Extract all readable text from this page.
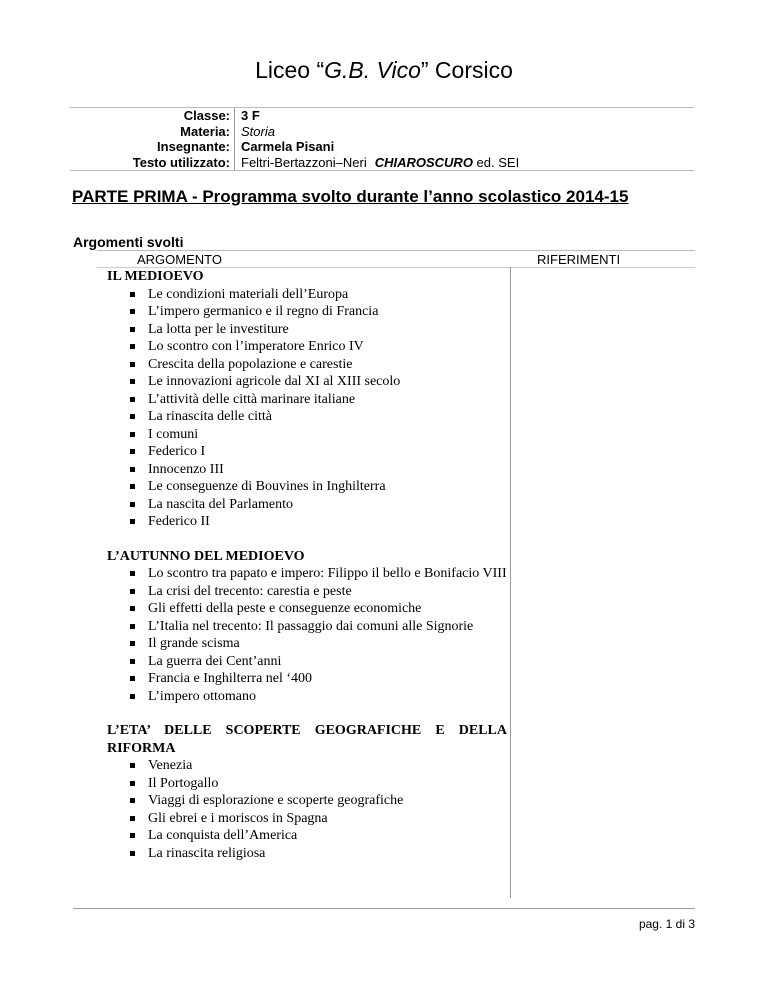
Liceo “G.B. Vico” Corsico
Classe: 3 F
Materia: Storia
Insegnante: Carmela Pisani
Testo utilizzato: Feltri-Bertazzoni–Neri CHIAROSCURO ed. SEI
PARTE PRIMA - Programma svolto durante l’anno scolastico 2014-15
Argomenti svolti
ARGOMENTO	RIFERIMENTI
IL MEDIOEVO
Le condizioni materiali dell’Europa
L’impero germanico e il regno di Francia
La lotta per le investiture
Lo scontro con l’imperatore Enrico IV
Crescita della popolazione e carestie
Le innovazioni agricole dal XI al XIII secolo
L’attività delle città marinare italiane
La rinascita delle città
I comuni
Federico I
Innocenzo III
Le conseguenze di Bouvines in Inghilterra
La nascita del Parlamento
Federico II
L’AUTUNNO DEL MEDIOEVO
Lo scontro tra papato e impero: Filippo il bello e Bonifacio VIII
La crisi del trecento: carestia e peste
Gli effetti della peste e conseguenze economiche
L’Italia nel trecento: Il passaggio dai comuni alle Signorie
Il grande scisma
La guerra dei Cent’anni
Francia e Inghilterra nel ‘400
L’impero ottomano
L’ETA’ DELLE SCOPERTE GEOGRAFICHE E DELLA RIFORMA
Venezia
Il Portogallo
Viaggi di esplorazione e scoperte geografiche
Gli ebrei e i moriscos in Spagna
La conquista dell’America
La rinascita religiosa
pag. 1 di 3
